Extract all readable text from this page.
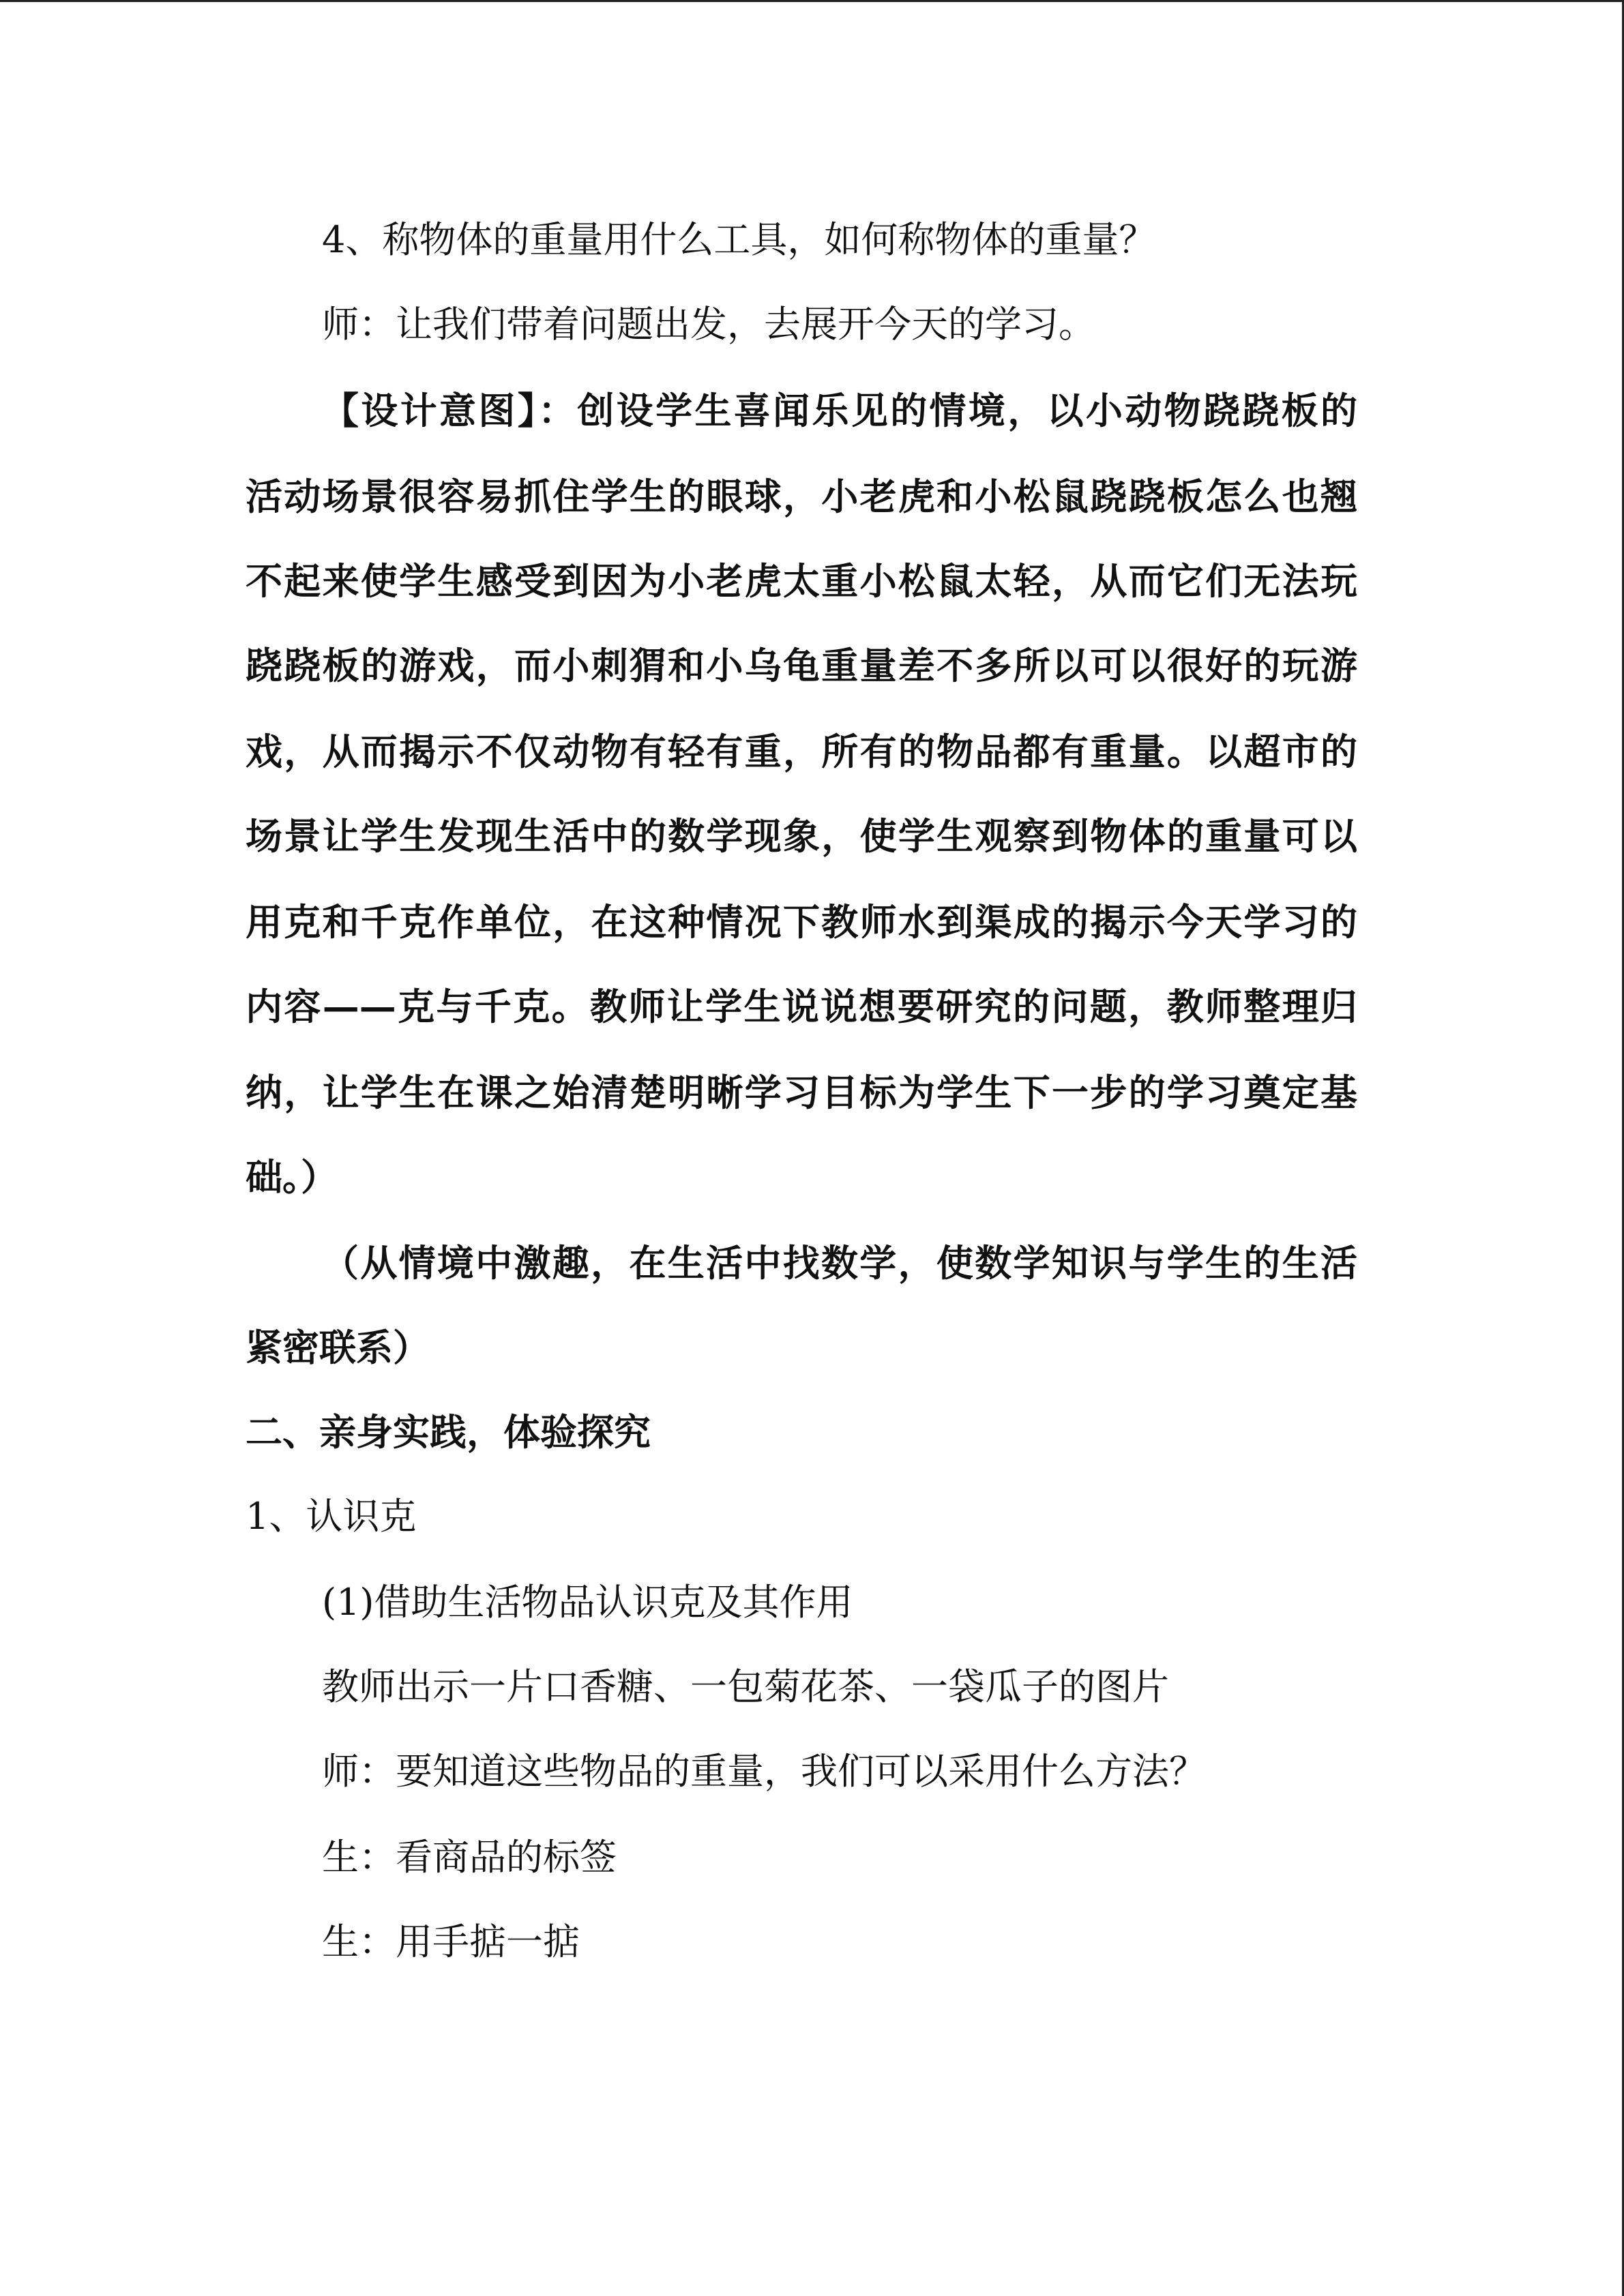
4、称物体的重量用什么工具，如何称物体的重量？

师：让我们带着问题出发，去展开今天的学习。

【设计意图】：创设学生喜闻乐见的情境，以小动物跷跷板的

活动场景很容易抓住学生的眼球，小老虎和小松鼠跷跷板怎么也翘

不起来使学生感受到因为小老虎太重小松鼠太轻，从而它们无法玩

跷跷板的游戏，而小刺猬和小乌龟重量差不多所以可以很好的玩游

戏，从而揭示不仅动物有轻有重，所有的物品都有重量。以超市的

场景让学生发现生活中的数学现象，使学生观察到物体的重量可以

用克和千克作单位，在这种情况下教师水到渠成的揭示今天学习的

内容——克与千克。教师让学生说说想要研究的问题，教师整理归

纳，让学生在课之始清楚明晰学习目标为学生下一步的学习奠定基

础。）

（从情境中激趣，在生活中找数学，使数学知识与学生的生活

紧密联系）

二、亲身实践，体验探究

1、认识克

(1)借助生活物品认识克及其作用

教师出示一片口香糖、一包菊花茶、一袋瓜子的图片

师：要知道这些物品的重量，我们可以采用什么方法？

生：看商品的标签

生：用手掂一掂
